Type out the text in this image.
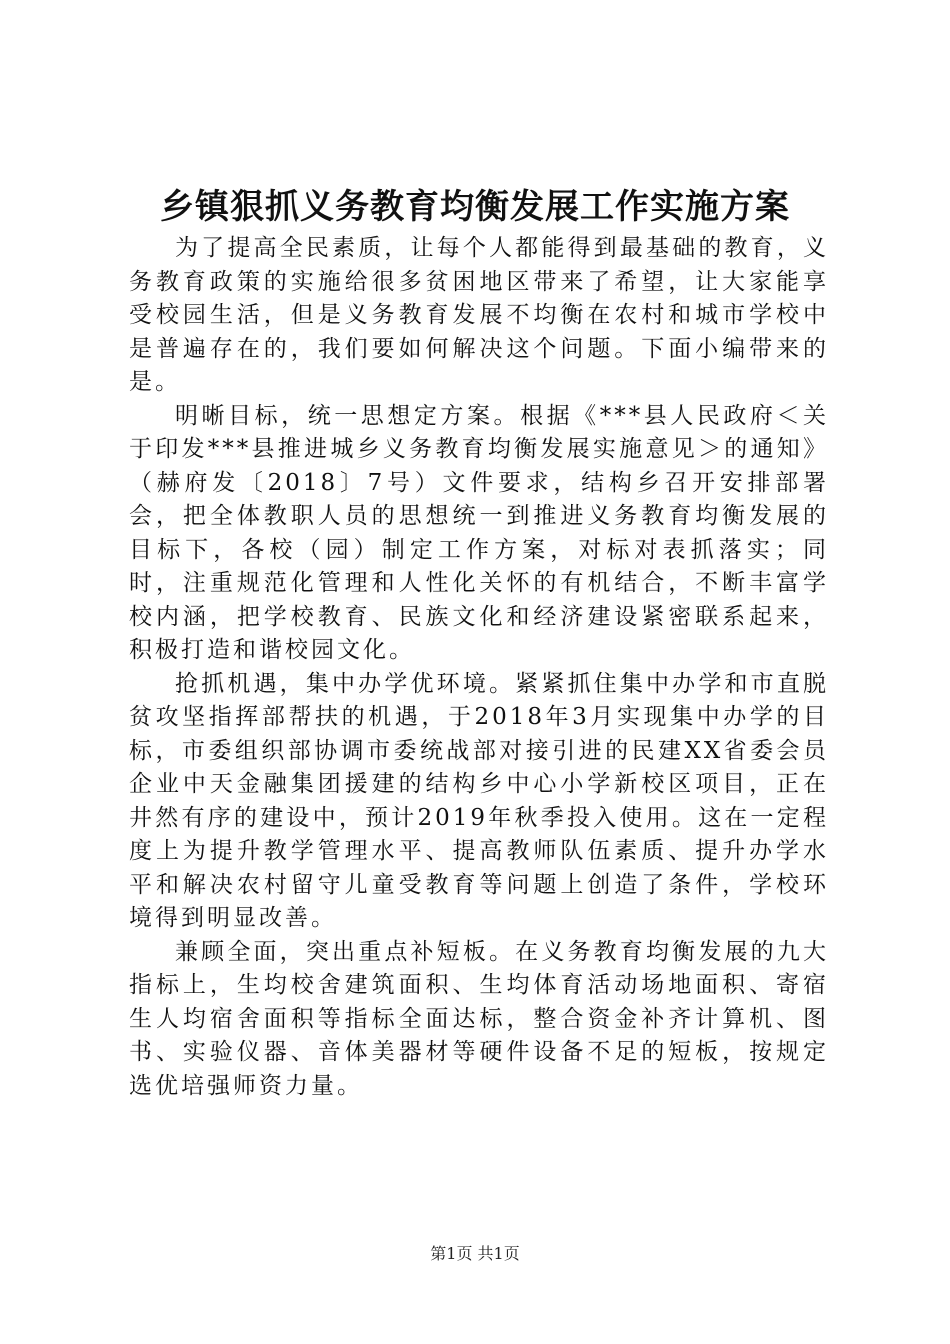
乡镇狠抓义务教育均衡发展工作实施方案

为了提高全民素质，让每个人都能得到最基础的教育，义务教育政策的实施给很多贫困地区带来了希望，让大家能享受校园生活，但是义务教育发展不均衡在农村和城市学校中是普遍存在的，我们要如何解决这个问题。下面小编带来的是。

明晰目标，统一思想定方案。根据《***县人民政府＜关于印发***县推进城乡义务教育均衡发展实施意见＞的通知》（赫府发〔2018〕7号）文件要求，结构乡召开安排部署会，把全体教职人员的思想统一到推进义务教育均衡发展的目标下，各校（园）制定工作方案，对标对表抓落实；同时，注重规范化管理和人性化关怀的有机结合，不断丰富学校内涵，把学校教育、民族文化和经济建设紧密联系起来，积极打造和谐校园文化。

抢抓机遇，集中办学优环境。紧紧抓住集中办学和市直脱贫攻坚指挥部帮扶的机遇，于2018年3月实现集中办学的目标，市委组织部协调市委统战部对接引进的民建XX省委会员企业中天金融集团援建的结构乡中心小学新校区项目，正在井然有序的建设中，预计2019年秋季投入使用。这在一定程度上为提升教学管理水平、提高教师队伍素质、提升办学水平和解决农村留守儿童受教育等问题上创造了条件，学校环境得到明显改善。

兼顾全面，突出重点补短板。在义务教育均衡发展的九大指标上，生均校舍建筑面积、生均体育活动场地面积、寄宿生人均宿舍面积等指标全面达标，整合资金补齐计算机、图书、实验仪器、音体美器材等硬件设备不足的短板，按规定选优培强师资力量。

第1页 共1页
